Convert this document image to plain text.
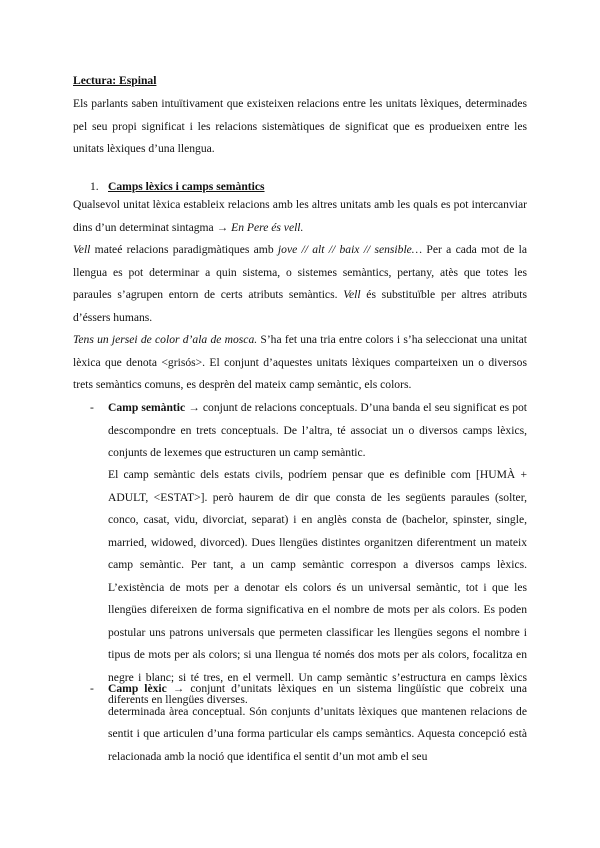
Lectura: Espinal

Els parlants saben intuïtivament que existeixen relacions entre les unitats lèxiques, determinades pel seu propi significat i les relacions sistemàtiques de significat que es produeixen entre les unitats lèxiques d’una llengua.

1. Camps lèxics i camps semàntics

Qualsevol unitat lèxica estableix relacions amb les altres unitats amb les quals es pot intercanviar dins d’un determinat sintagma → En Pere és vell.

Vell mateé relacions paradigmàtiques amb jove // alt // baix // sensible… Per a cada mot de la llengua es pot determinar a quin sistema, o sistemes semàntics, pertany, atès que totes les paraules s’agrupen entorn de certs atributs semàntics. Vell és substituïble per altres atributs d’éssers humans.

Tens un jersei de color d’ala de mosca. S’ha fet una tria entre colors i s’ha seleccionat una unitat lèxica que denota <grisós>. El conjunt d’aquestes unitats lèxiques comparteixen un o diversos trets semàntics comuns, es desprèn del mateix camp semàntic, els colors.

- Camp semàntic → conjunt de relacions conceptuals. D’una banda el seu significat es pot descompondre en trets conceptuals. De l’altra, té associat un o diversos camps lèxics, conjunts de lexemes que estructuren un camp semàntic.

El camp semàntic dels estats civils, podríem pensar que es definible com [HUMÀ + ADULT, <ESTAT>]. però haurem de dir que consta de les següents paraules (solter, conco, casat, vidu, divorciat, separat) i en anglès consta de (bachelor, spinster, single, married, widowed, divorced). Dues llengües distintes organitzen diferentment un mateix camp semàntic. Per tant, a un camp semàntic correspon a diversos camps lèxics. L’existència de mots per a denotar els colors és un universal semàntic, tot i que les llengües difereixen de forma significativa en el nombre de mots per als colors. Es poden postular uns patrons universals que permeten classificar les llengües segons el nombre i tipus de mots per als colors; si una llengua té només dos mots per als colors, focalitza en negre i blanc; si té tres, en el vermell. Un camp semàntic s’estructura en camps lèxics diferents en llengües diverses.

- Camp lèxic → conjunt d’unitats lèxiques en un sistema lingüístic que cobreix una determinada àrea conceptual. Són conjunts d’unitats lèxiques que mantenen relacions de sentit i que articulen d’una forma particular els camps semàntics. Aquesta concepció està relacionada amb la noció que identifica el sentit d’un mot amb el seu
